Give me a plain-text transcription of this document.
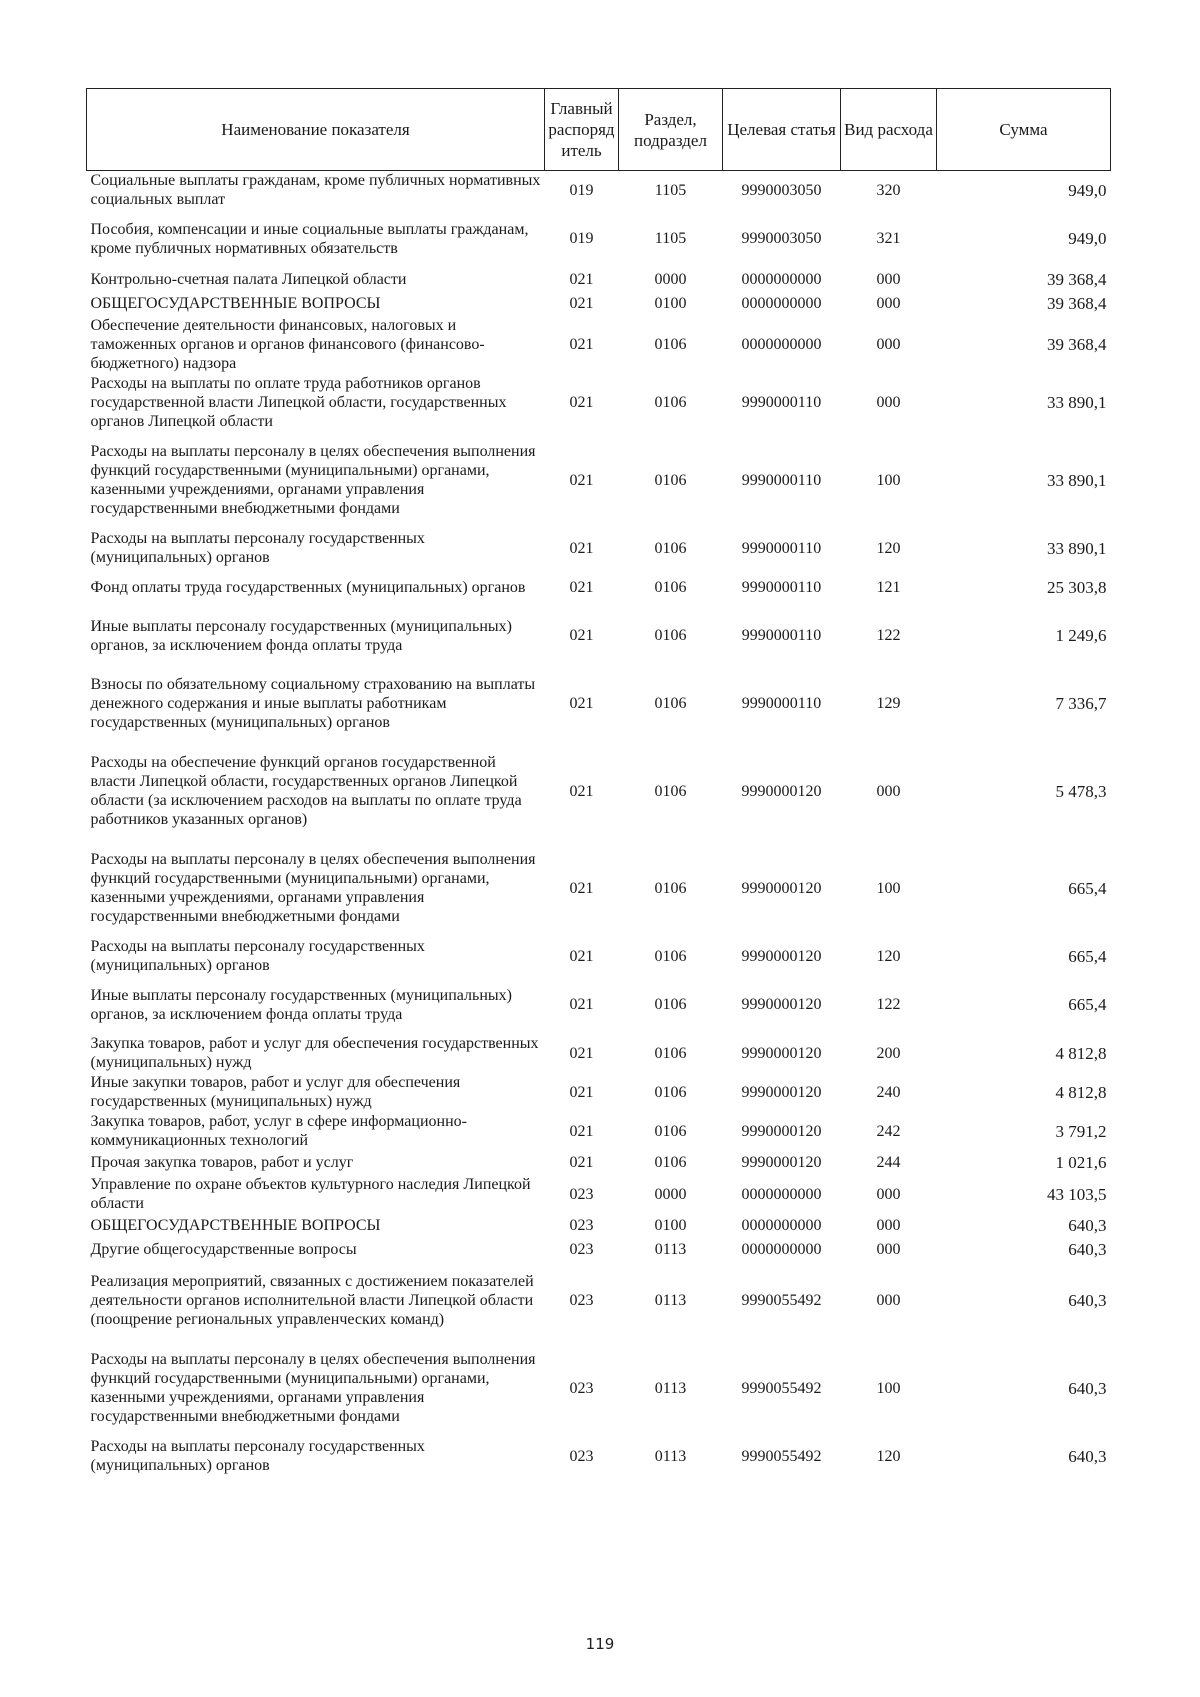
Наименование показателя	Главный распоряд итель	Раздел, подраздел	Целевая статья	Вид расхода	Сумма
Социальные выплаты гражданам, кроме публичных нормативных социальных выплат	019	1105	9990003050	320	949,0
Пособия, компенсации и иные социальные выплаты гражданам, кроме публичных нормативных обязательств	019	1105	9990003050	321	949,0
Контрольно-счетная палата Липецкой области	021	0000	0000000000	000	39 368,4
ОБЩЕГОСУДАРСТВЕННЫЕ ВОПРОСЫ	021	0100	0000000000	000	39 368,4
Обеспечение деятельности финансовых, налоговых и таможенных органов и органов финансового (финансово-бюджетного) надзора	021	0106	0000000000	000	39 368,4
Расходы на выплаты по оплате труда работников органов государственной власти Липецкой области, государственных органов Липецкой области	021	0106	9990000110	000	33 890,1
Расходы на выплаты персоналу в целях обеспечения выполнения функций государственными (муниципальными) органами, казенными учреждениями, органами управления государственными внебюджетными фондами	021	0106	9990000110	100	33 890,1
Расходы на выплаты персоналу государственных (муниципальных) органов	021	0106	9990000110	120	33 890,1
Фонд оплаты труда государственных (муниципальных) органов	021	0106	9990000110	121	25 303,8
Иные выплаты персоналу государственных (муниципальных) органов, за исключением фонда оплаты труда	021	0106	9990000110	122	1 249,6
Взносы по обязательному социальному страхованию на выплаты денежного содержания и иные выплаты работникам государственных (муниципальных) органов	021	0106	9990000110	129	7 336,7
Расходы на обеспечение функций органов государственной власти Липецкой области, государственных органов Липецкой области (за исключением расходов на выплаты по оплате труда работников указанных органов)	021	0106	9990000120	000	5 478,3
Расходы на выплаты персоналу в целях обеспечения выполнения функций государственными (муниципальными) органами, казенными учреждениями, органами управления государственными внебюджетными фондами	021	0106	9990000120	100	665,4
Расходы на выплаты персоналу государственных (муниципальных) органов	021	0106	9990000120	120	665,4
Иные выплаты персоналу государственных (муниципальных) органов, за исключением фонда оплаты труда	021	0106	9990000120	122	665,4
Закупка товаров, работ и услуг для обеспечения государственных (муниципальных) нужд	021	0106	9990000120	200	4 812,8
Иные закупки товаров, работ и услуг для обеспечения государственных (муниципальных) нужд	021	0106	9990000120	240	4 812,8
Закупка товаров, работ, услуг в сфере информационно-коммуникационных технологий	021	0106	9990000120	242	3 791,2
Прочая закупка товаров, работ и услуг	021	0106	9990000120	244	1 021,6
Управление по охране объектов культурного наследия Липецкой области	023	0000	0000000000	000	43 103,5
ОБЩЕГОСУДАРСТВЕННЫЕ ВОПРОСЫ	023	0100	0000000000	000	640,3
Другие общегосударственные вопросы	023	0113	0000000000	000	640,3
Реализация мероприятий, связанных с достижением показателей деятельности органов исполнительной власти Липецкой области (поощрение региональных управленческих команд)	023	0113	9990055492	000	640,3
Расходы на выплаты персоналу в целях обеспечения выполнения функций государственными (муниципальными) органами, казенными учреждениями, органами управления государственными внебюджетными фондами	023	0113	9990055492	100	640,3
Расходы на выплаты персоналу государственных (муниципальных) органов	023	0113	9990055492	120	640,3
119
